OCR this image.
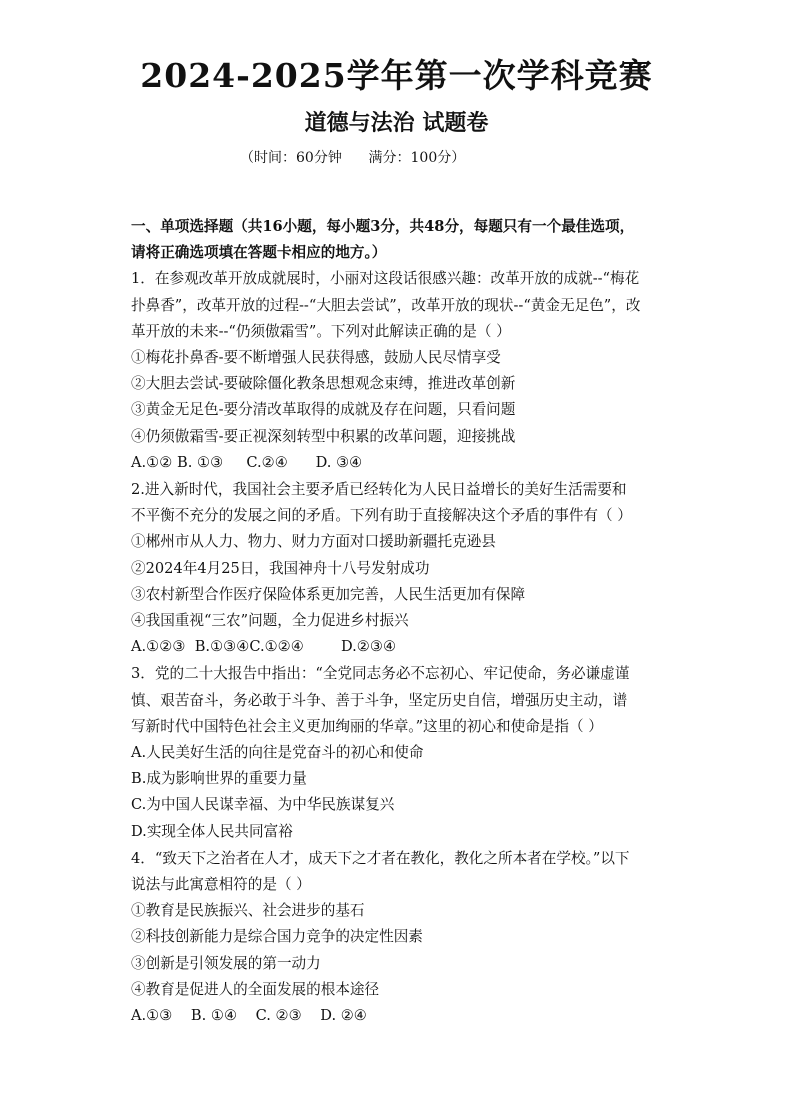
2024-2025学年第一次学科竞赛
道德与法治 试题卷
（时间：60分钟      满分：100分）

一、单项选择题（共16小题，每小题3分，共48分，每题只有一个最佳选项，请将正确选项填在答题卡相应的地方。）

1．在参观改革开放成就展时，小丽对这段话很感兴趣：改革开放的成就--“梅花扑鼻香”，改革开放的过程--“大胆去尝试”，改革开放的现状--“黄金无足色”，改革开放的未来--“仍须傲霜雪”。下列对此解读正确的是（ ）

①梅花扑鼻香-要不断增强人民获得感，鼓励人民尽情享受

②大胆去尝试-要破除僵化教条思想观念束缚，推进改革创新

③黄金无足色-要分清改革取得的成就及存在问题，只看问题

④仍须傲霜雪-要正视深刻转型中积累的改革问题，迎接挑战

A.①② B. ①③     C.②④      D. ③④

2.进入新时代，我国社会主要矛盾已经转化为人民日益增长的美好生活需要和不平衡不充分的发展之间的矛盾。下列有助于直接解决这个矛盾的事件有（ ）

①郴州市从人力、物力、财力方面对口援助新疆托克逊县

②2024年4月25日，我国神舟十八号发射成功

③农村新型合作医疗保险体系更加完善，人民生活更加有保障

④我国重视“三农”问题，全力促进乡村振兴

A.①②③  B.①③④C.①②④        D.②③④

3．党的二十大报告中指出：“全党同志务必不忘初心、牢记使命，务必谦虚谨慎、艰苦奋斗，务必敢于斗争、善于斗争，坚定历史自信，增强历史主动，谱写新时代中国特色社会主义更加绚丽的华章。”这里的初心和使命是指（ ）

A.人民美好生活的向往是党奋斗的初心和使命

B.成为影响世界的重要力量

C.为中国人民谋幸福、为中华民族谋复兴

D.实现全体人民共同富裕

4．“致天下之治者在人才，成天下之才者在教化，教化之所本者在学校。”以下说法与此寓意相符的是（ ）

①教育是民族振兴、社会进步的基石

②科技创新能力是综合国力竞争的决定性因素

③创新是引领发展的第一动力

④教育是促进人的全面发展的根本途径

A.①③    B. ①④    C. ②③    D. ②④
